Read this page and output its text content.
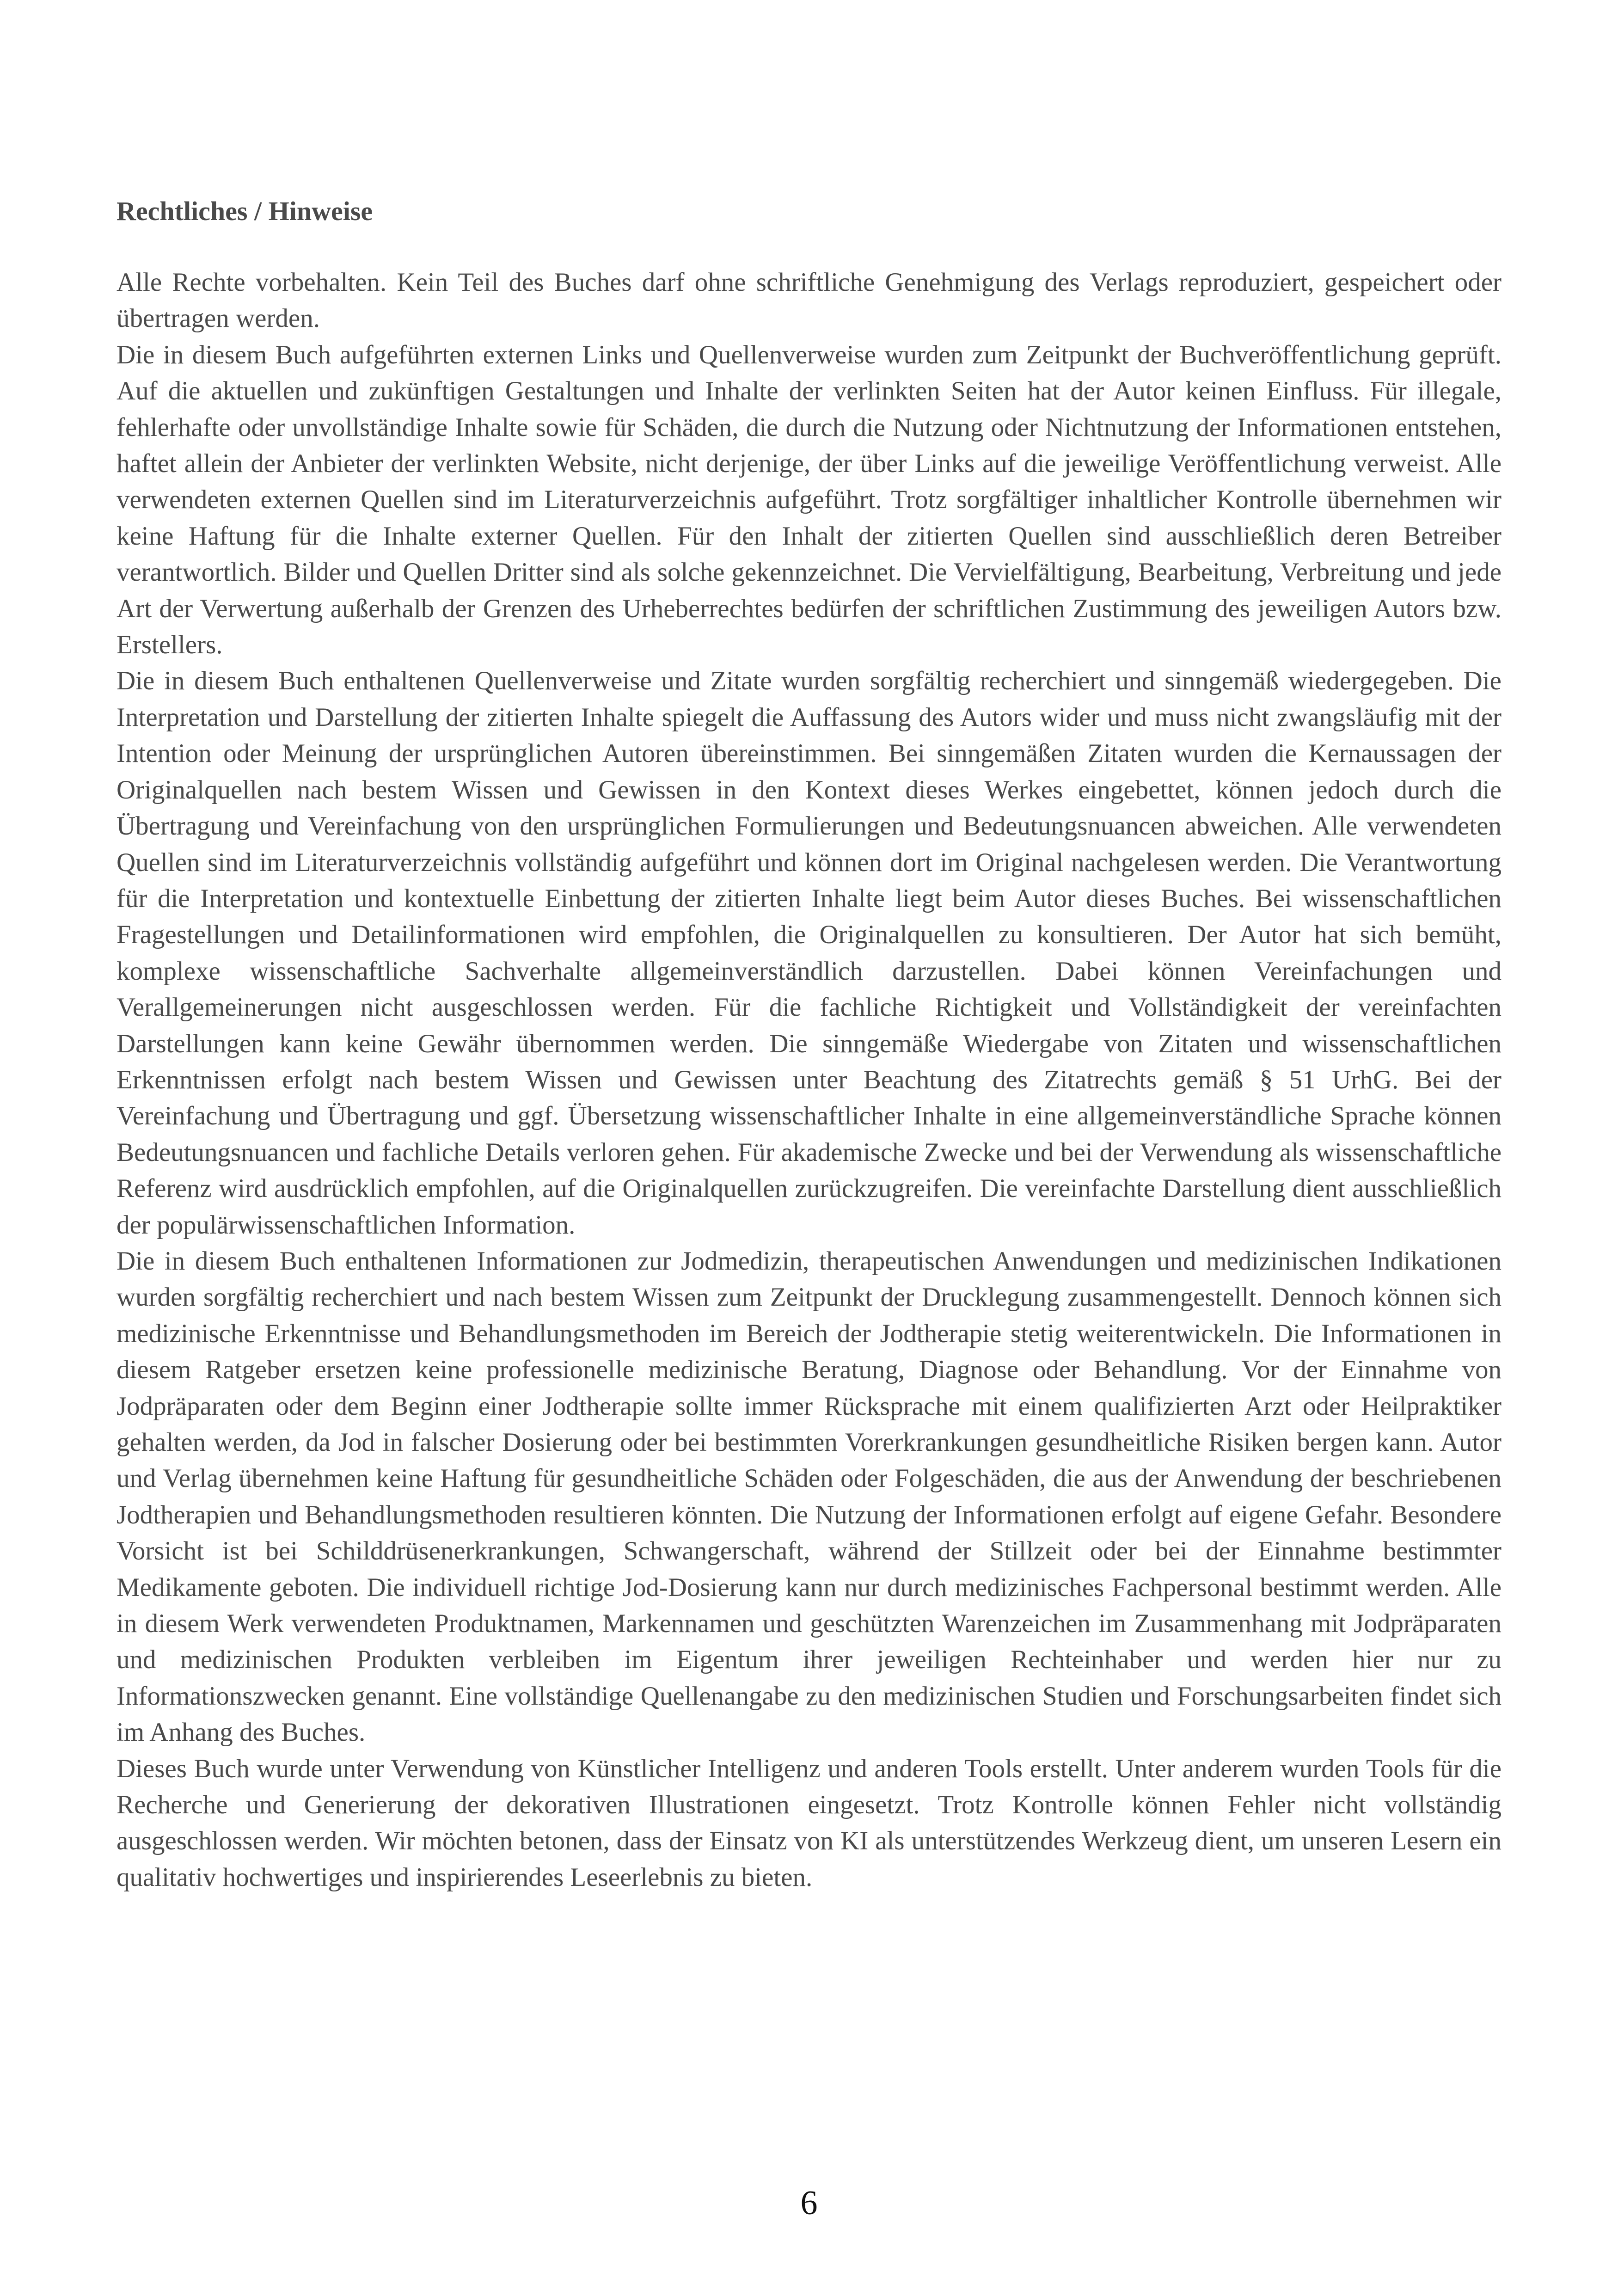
Rechtliches / Hinweise

Alle Rechte vorbehalten. Kein Teil des Buches darf ohne schriftliche Genehmigung des Verlags reproduziert, gespeichert oder übertragen werden.

Die in diesem Buch aufgeführten externen Links und Quellenverweise wurden zum Zeitpunkt der Buchveröffentlichung geprüft. Auf die aktuellen und zukünftigen Gestaltungen und Inhalte der verlinkten Seiten hat der Autor keinen Einfluss. Für illegale, fehlerhafte oder unvollständige Inhalte sowie für Schäden, die durch die Nutzung oder Nichtnutzung der Informationen entstehen, haftet allein der Anbieter der verlinkten Website, nicht derjenige, der über Links auf die jeweilige Veröffentlichung verweist. Alle verwendeten externen Quellen sind im Literaturverzeichnis aufgeführt. Trotz sorgfältiger inhaltlicher Kontrolle übernehmen wir keine Haftung für die Inhalte externer Quellen. Für den Inhalt der zitierten Quellen sind ausschließlich deren Betreiber verantwortlich. Bilder und Quellen Dritter sind als solche gekennzeichnet. Die Vervielfältigung, Bearbeitung, Verbreitung und jede Art der Verwertung außerhalb der Grenzen des Urheberrechtes bedürfen der schriftlichen Zustimmung des jeweiligen Autors bzw. Erstellers.

Die in diesem Buch enthaltenen Quellenverweise und Zitate wurden sorgfältig recherchiert und sinngemäß wiedergegeben. Die Interpretation und Darstellung der zitierten Inhalte spiegelt die Auffassung des Autors wider und muss nicht zwangsläufig mit der Intention oder Meinung der ursprünglichen Autoren übereinstimmen. Bei sinngemäßen Zitaten wurden die Kernaussagen der Originalquellen nach bestem Wissen und Gewissen in den Kontext dieses Werkes eingebettet, können jedoch durch die Übertragung und Vereinfachung von den ursprünglichen Formulierungen und Bedeutungsnuancen abweichen. Alle verwendeten Quellen sind im Literaturverzeichnis vollständig aufgeführt und können dort im Original nachgelesen werden. Die Verantwortung für die Interpretation und kontextuelle Einbettung der zitierten Inhalte liegt beim Autor dieses Buches. Bei wissenschaftlichen Fragestellungen und Detailinformationen wird empfohlen, die Originalquellen zu konsultieren. Der Autor hat sich bemüht, komplexe wissenschaftliche Sachverhalte allgemeinverständlich darzustellen. Dabei können Vereinfachungen und Verallgemeinerungen nicht ausgeschlossen werden. Für die fachliche Richtigkeit und Vollständigkeit der vereinfachten Darstellungen kann keine Gewähr übernommen werden. Die sinngemäße Wiedergabe von Zitaten und wissenschaftlichen Erkenntnissen erfolgt nach bestem Wissen und Gewissen unter Beachtung des Zitatrechts gemäß § 51 UrhG. Bei der Vereinfachung und Übertragung und ggf. Übersetzung wissenschaftlicher Inhalte in eine allgemeinverständliche Sprache können Bedeutungsnuancen und fachliche Details verloren gehen. Für akademische Zwecke und bei der Verwendung als wissenschaftliche Referenz wird ausdrücklich empfohlen, auf die Originalquellen zurückzugreifen. Die vereinfachte Darstellung dient ausschließlich der populärwissenschaftlichen Information.

Die in diesem Buch enthaltenen Informationen zur Jodmedizin, therapeutischen Anwendungen und medizinischen Indikationen wurden sorgfältig recherchiert und nach bestem Wissen zum Zeitpunkt der Drucklegung zusammengestellt. Dennoch können sich medizinische Erkenntnisse und Behandlungsmethoden im Bereich der Jodtherapie stetig weiterentwickeln. Die Informationen in diesem Ratgeber ersetzen keine professionelle medizinische Beratung, Diagnose oder Behandlung. Vor der Einnahme von Jodpräparaten oder dem Beginn einer Jodtherapie sollte immer Rücksprache mit einem qualifizierten Arzt oder Heilpraktiker gehalten werden, da Jod in falscher Dosierung oder bei bestimmten Vorerkrankungen gesundheitliche Risiken bergen kann. Autor und Verlag übernehmen keine Haftung für gesundheitliche Schäden oder Folgeschäden, die aus der Anwendung der beschriebenen Jodtherapien und Behandlungsmethoden resultieren könnten. Die Nutzung der Informationen erfolgt auf eigene Gefahr. Besondere Vorsicht ist bei Schilddrüsenerkrankungen, Schwangerschaft, während der Stillzeit oder bei der Einnahme bestimmter Medikamente geboten. Die individuell richtige Jod-Dosierung kann nur durch medizinisches Fachpersonal bestimmt werden. Alle in diesem Werk verwendeten Produktnamen, Markennamen und geschützten Warenzeichen im Zusammenhang mit Jodpräparaten und medizinischen Produkten verbleiben im Eigentum ihrer jeweiligen Rechteinhaber und werden hier nur zu Informationszwecken genannt. Eine vollständige Quellenangabe zu den medizinischen Studien und Forschungsarbeiten findet sich im Anhang des Buches.

Dieses Buch wurde unter Verwendung von Künstlicher Intelligenz und anderen Tools erstellt. Unter anderem wurden Tools für die Recherche und Generierung der dekorativen Illustrationen eingesetzt. Trotz Kontrolle können Fehler nicht vollständig ausgeschlossen werden. Wir möchten betonen, dass der Einsatz von KI als unterstützendes Werkzeug dient, um unseren Lesern ein qualitativ hochwertiges und inspirierendes Leseerlebnis zu bieten.

6
